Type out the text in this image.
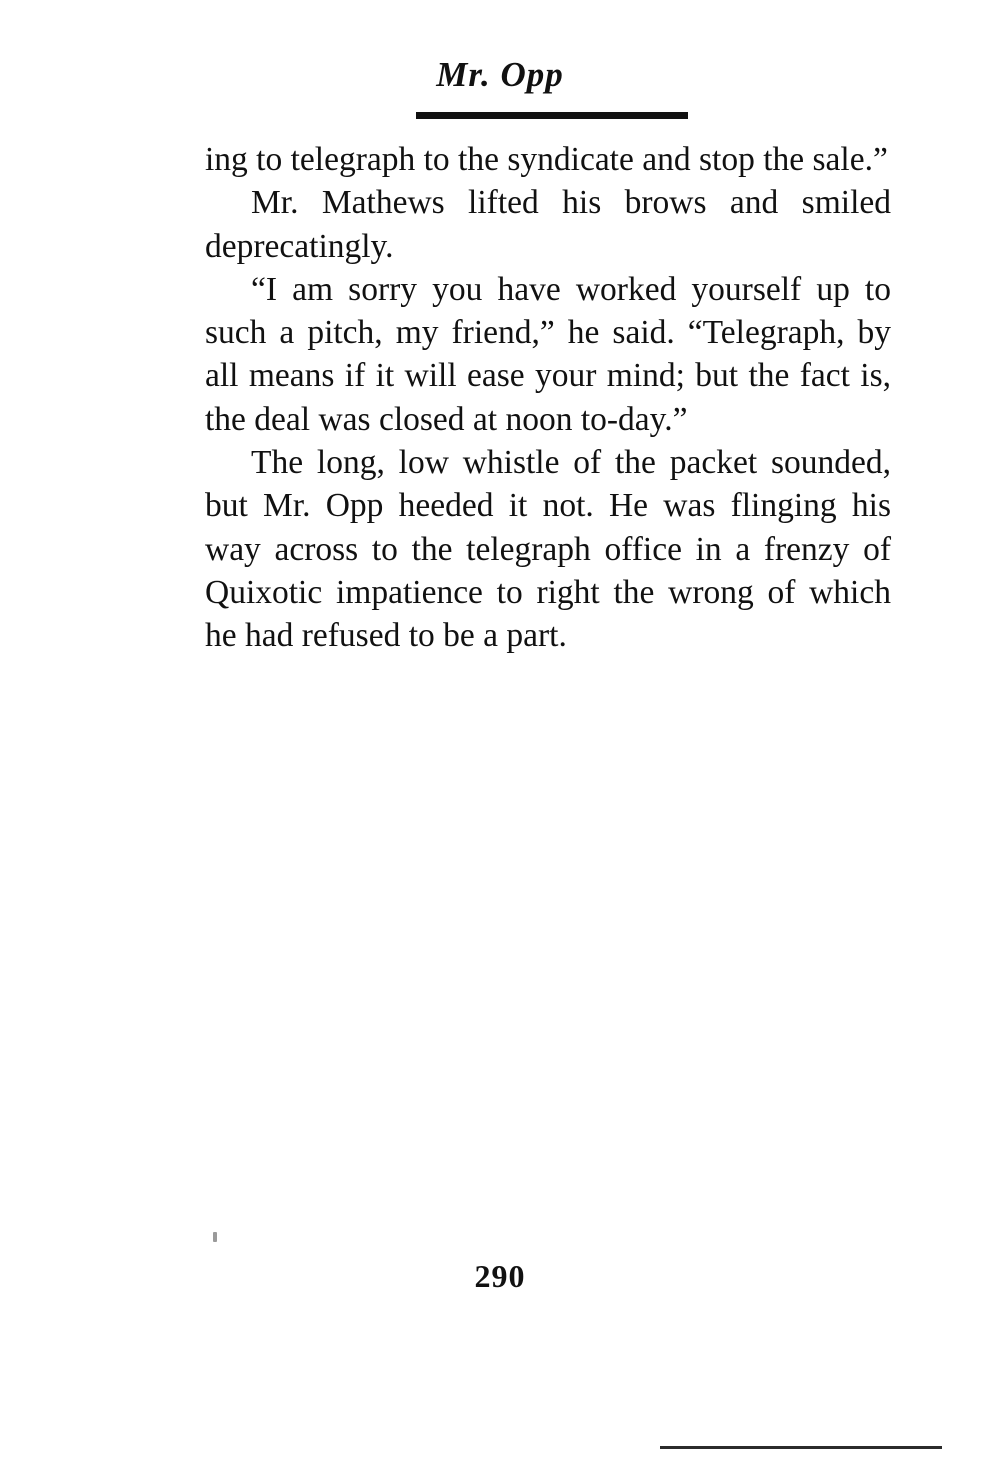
Mr. Opp

ing to telegraph to the syndicate and stop the sale.”

Mr. Mathews lifted his brows and smiled deprecatingly.

“I am sorry you have worked yourself up to such a pitch, my friend,” he said. “Telegraph, by all means if it will ease your mind; but the fact is, the deal was closed at noon to-day.”

The long, low whistle of the packet sounded, but Mr. Opp heeded it not. He was flinging his way across to the telegraph office in a frenzy of Quixotic impatience to right the wrong of which he had refused to be a part.

290
